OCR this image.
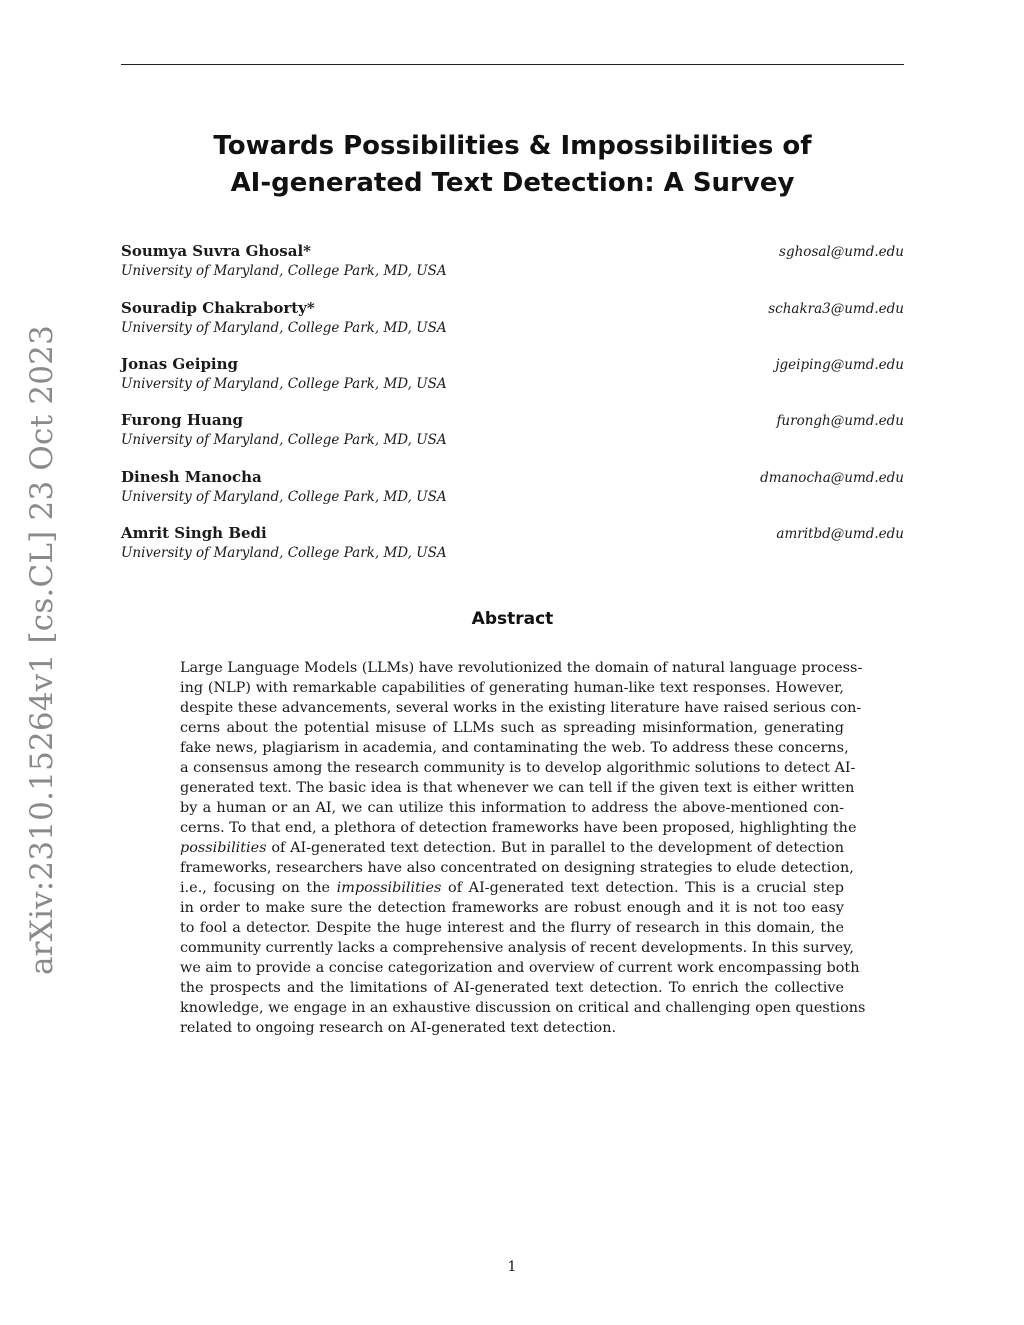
arXiv:2310.15264v1 [cs.CL] 23 Oct 2023
Towards Possibilities & Impossibilities of
AI-generated Text Detection: A Survey
Soumya Suvra Ghosal*
University of Maryland, College Park, MD, USA
sghosal@umd.edu
Souradip Chakraborty*
University of Maryland, College Park, MD, USA
schakra3@umd.edu
Jonas Geiping
University of Maryland, College Park, MD, USA
jgeiping@umd.edu
Furong Huang
University of Maryland, College Park, MD, USA
furongh@umd.edu
Dinesh Manocha
University of Maryland, College Park, MD, USA
dmanocha@umd.edu
Amrit Singh Bedi
University of Maryland, College Park, MD, USA
amritbd@umd.edu
Abstract
Large Language Models (LLMs) have revolutionized the domain of natural language process-
ing (NLP) with remarkable capabilities of generating human-like text responses. However,
despite these advancements, several works in the existing literature have raised serious con-
cerns about the potential misuse of LLMs such as spreading misinformation, generating
fake news, plagiarism in academia, and contaminating the web. To address these concerns,
a consensus among the research community is to develop algorithmic solutions to detect AI-
generated text. The basic idea is that whenever we can tell if the given text is either written
by a human or an AI, we can utilize this information to address the above-mentioned con-
cerns. To that end, a plethora of detection frameworks have been proposed, highlighting the
possibilities of AI-generated text detection. But in parallel to the development of detection
frameworks, researchers have also concentrated on designing strategies to elude detection,
i.e., focusing on the impossibilities of AI-generated text detection. This is a crucial step
in order to make sure the detection frameworks are robust enough and it is not too easy
to fool a detector. Despite the huge interest and the flurry of research in this domain, the
community currently lacks a comprehensive analysis of recent developments. In this survey,
we aim to provide a concise categorization and overview of current work encompassing both
the prospects and the limitations of AI-generated text detection. To enrich the collective
knowledge, we engage in an exhaustive discussion on critical and challenging open questions
related to ongoing research on AI-generated text detection.
1
